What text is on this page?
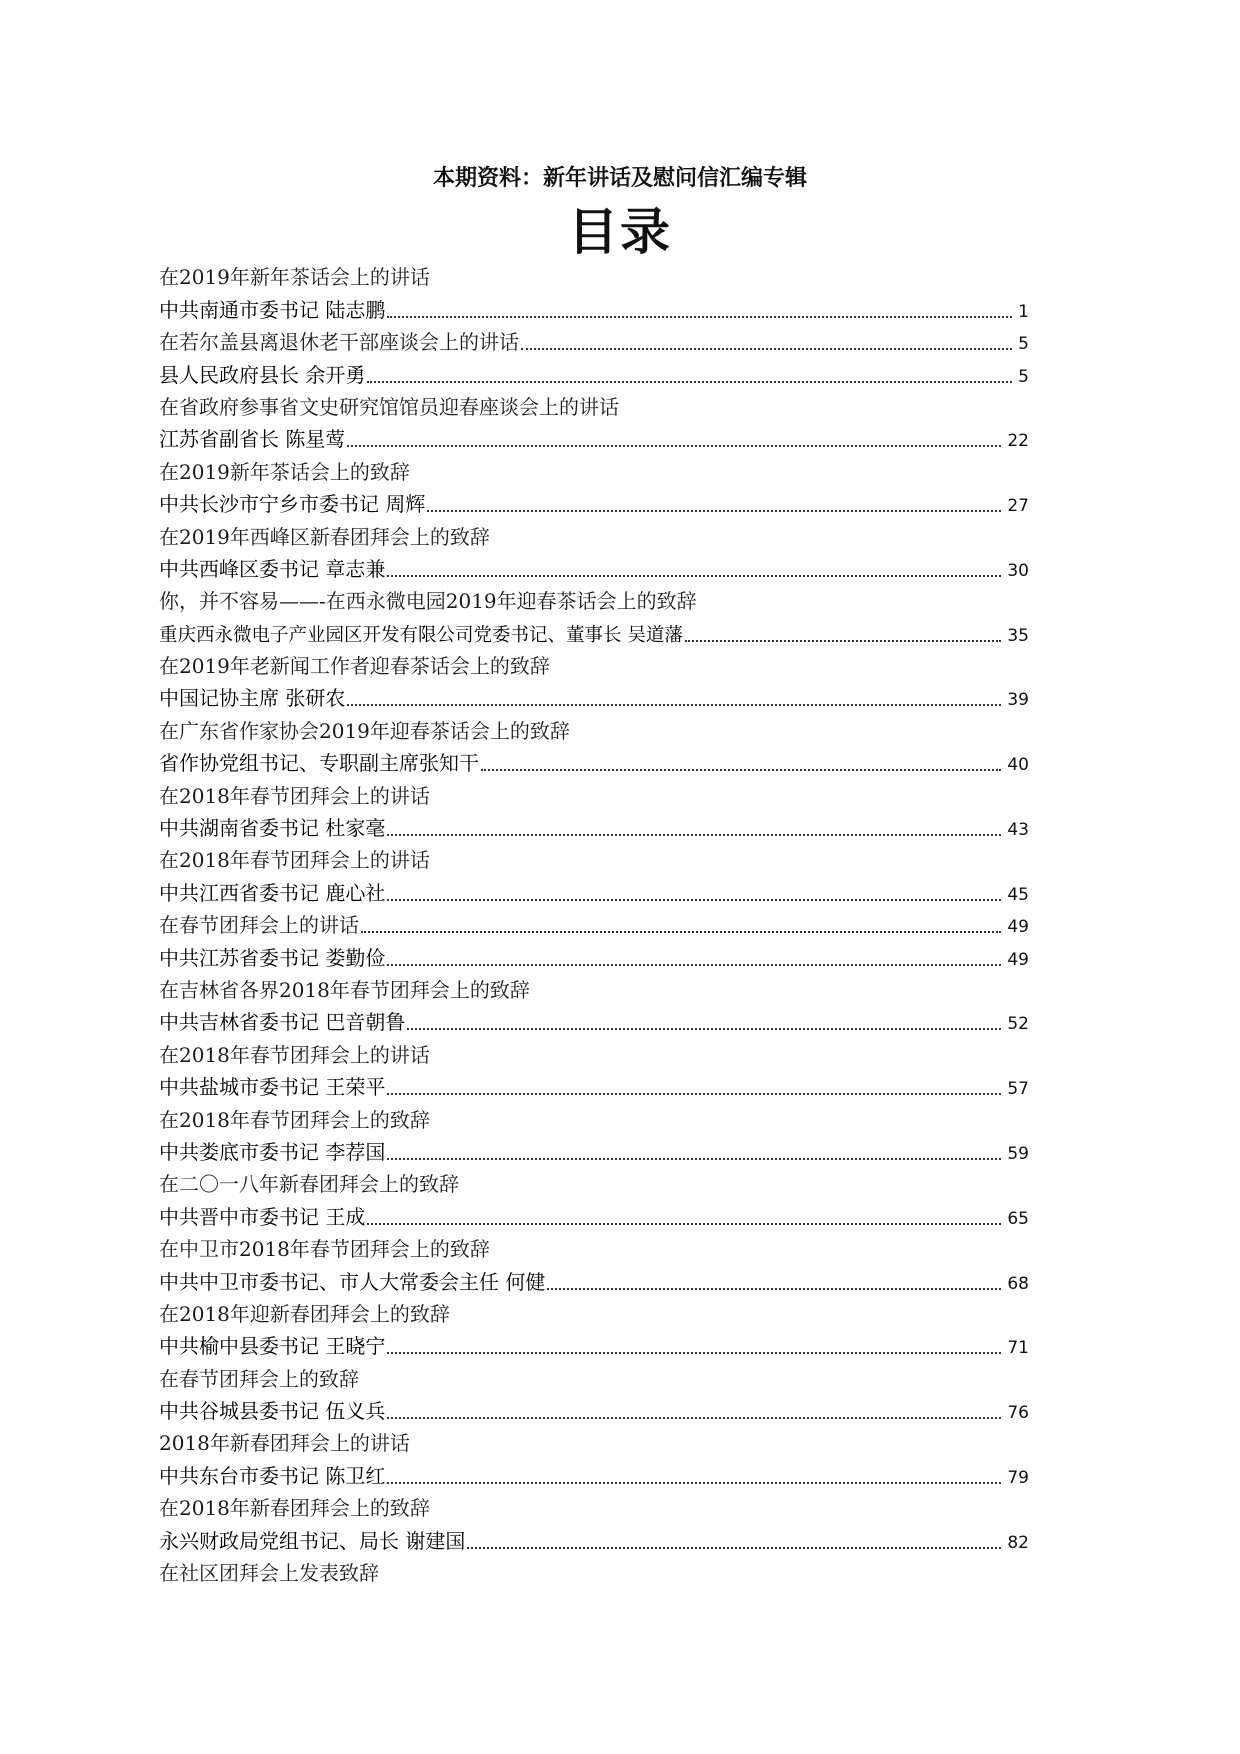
本期资料：新年讲话及慰问信汇编专辑
目录
在2019年新年茶话会上的讲话
中共南通市委书记 陆志鹏	1
在若尔盖县离退休老干部座谈会上的讲话	5
县人民政府县长 余开勇	5
在省政府参事省文史研究馆馆员迎春座谈会上的讲话
江苏省副省长 陈星莺	22
在2019新年茶话会上的致辞
中共长沙市宁乡市委书记 周辉	27
在2019年西峰区新春团拜会上的致辞
中共西峰区委书记 章志兼	30
你，并不容易——-在西永微电园2019年迎春茶话会上的致辞
重庆西永微电子产业园区开发有限公司党委书记、董事长 吴道藩	35
在2019年老新闻工作者迎春茶话会上的致辞
中国记协主席 张研农	39
在广东省作家协会2019年迎春茶话会上的致辞
省作协党组书记、专职副主席张知干	40
在2018年春节团拜会上的讲话
中共湖南省委书记 杜家毫	43
在2018年春节团拜会上的讲话
中共江西省委书记 鹿心社	45
在春节团拜会上的讲话	49
中共江苏省委书记 娄勤俭	49
在吉林省各界2018年春节团拜会上的致辞
中共吉林省委书记 巴音朝鲁	52
在2018年春节团拜会上的讲话
中共盐城市委书记 王荣平	57
在2018年春节团拜会上的致辞
中共娄底市委书记 李荐国	59
在二〇一八年新春团拜会上的致辞
中共晋中市委书记 王成	65
在中卫市2018年春节团拜会上的致辞
中共中卫市委书记、市人大常委会主任 何健	68
在2018年迎新春团拜会上的致辞
中共榆中县委书记 王晓宁	71
在春节团拜会上的致辞
中共谷城县委书记 伍义兵	76
2018年新春团拜会上的讲话
中共东台市委书记 陈卫红	79
在2018年新春团拜会上的致辞
永兴财政局党组书记、局长 谢建国	82
在社区团拜会上发表致辞
